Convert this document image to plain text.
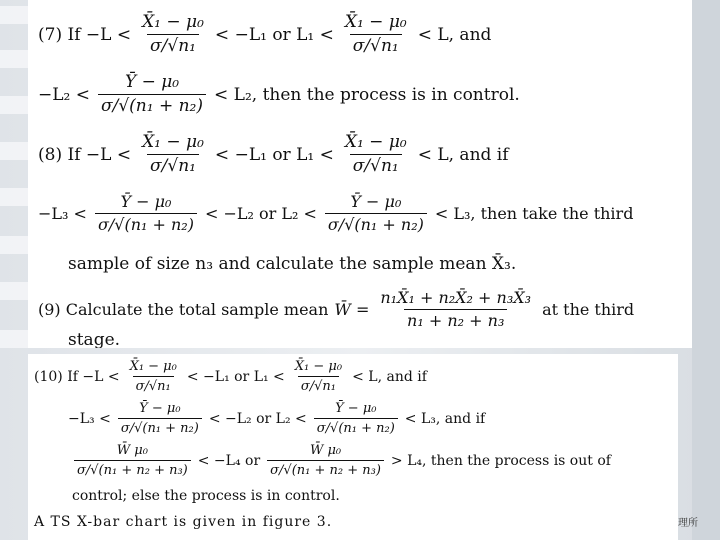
(7) $If -L < \frac{\text{X̄₁ − μ₀}}{\text{σ/√n₁}} < -L_1$ or $L_1 < \frac{\text{X̄₁ − μ₀}}{\text{σ/√n₁}} < L$, and
$-L_2 < \frac{\text{Ȳ − μ₀}}{\text{σ/√(n₁ + n₂)}} < L_2$, then the process is in control.
(8) $If -L < \frac{\text{X̄₁ − μ₀}}{\text{σ/√n₁}} < -L_1$ or $L_1 < \frac{\text{X̄₁ − μ₀}}{\text{σ/√n₁}} < L$, and if
$-L_3 < \frac{\text{Ȳ − μ₀}}{\text{σ/√(n₁ + n₂)}} < -L_2$ or $L_2 < \frac{\text{Ȳ − μ₀}}{\text{σ/√(n₁ + n₂)}} < L_3$, then take the third
sample of size n₃ and calculate the sample mean X̄₃.
(9) Calculate the total sample mean W̄ = $\frac{\text{n₁X̄₁ + n₂X̄₂ + n₃X̄₃}}{\text{n₁ + n₂ + n₃}}$ at the third
stage.
(10) $If -L < \frac{\text{X̄₁ − μ₀}}{\text{σ/√n₁}} < -L_1$ or $L_1 < \frac{\text{X̄₁ − μ₀}}{\text{σ/√n₁}} < L$, and if
$-L_3 < \frac{\text{Ȳ − μ₀}}{\text{σ/√(n₁ + n₂)}} < -L_2$ or $L_2 < \frac{\text{Ȳ − μ₀}}{\text{σ/√(n₁ + n₂)}} < L_3$, and if
$\frac{\text{W̄ μ₀}}{\text{σ/√(n₁ + n₂ + n₃)}} < -L_4$ or $\frac{\text{W̄ μ₀}}{\text{σ/√(n₁ + n₂ + n₃)}} > L_4$, then the process is out of
control; else the process is in control.
A TS X-bar chart is given in figure 3.	理所
